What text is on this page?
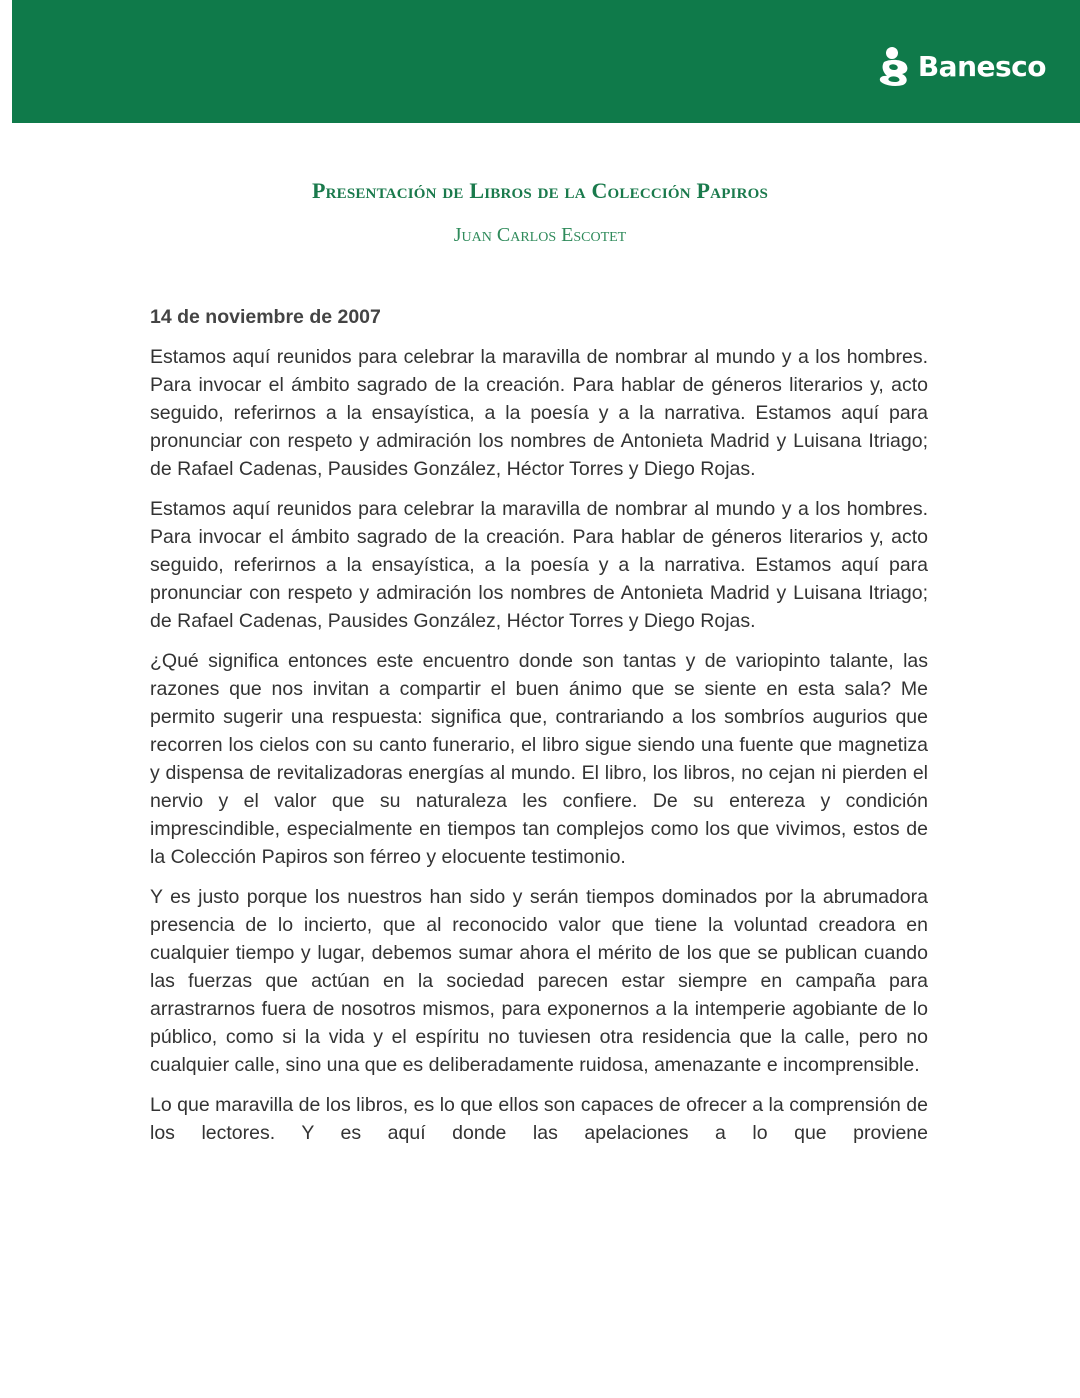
Banesco
Presentación de Libros de la Colección Papiros
Juan Carlos Escotet

14 de noviembre de 2007

Estamos aquí reunidos para celebrar la maravilla de nombrar al mundo y a los hombres. Para invocar el ámbito sagrado de la creación. Para hablar de géneros literarios y, acto seguido, referirnos a la ensayística, a la poesía y a la narrativa. Estamos aquí para pronunciar con respeto y admiración los nombres de Antonieta Madrid y Luisana Itriago; de Rafael Cadenas, Pausides González, Héctor Torres y Diego Rojas.

Estamos aquí reunidos para celebrar la maravilla de nombrar al mundo y a los hombres. Para invocar el ámbito sagrado de la creación. Para hablar de géneros literarios y, acto seguido, referirnos a la ensayística, a la poesía y a la narrativa. Estamos aquí para pronunciar con respeto y admiración los nombres de Antonieta Madrid y Luisana Itriago; de Rafael Cadenas, Pausides González, Héctor Torres y Diego Rojas.

¿Qué significa entonces este encuentro donde son tantas y de variopinto talante, las razones que nos invitan a compartir el buen ánimo que se siente en esta sala? Me permito sugerir una respuesta: significa que, contrariando a los sombríos augurios que recorren los cielos con su canto funerario, el libro sigue siendo una fuente que magnetiza y dispensa de revitalizadoras energías al mundo. El libro, los libros, no cejan ni pierden el nervio y el valor que su naturaleza les confiere. De su entereza y condición imprescindible, especialmente en tiempos tan complejos como los que vivimos, estos de la Colección Papiros son férreo y elocuente testimonio.

Y es justo porque los nuestros han sido y serán tiempos dominados por la abrumadora presencia de lo incierto, que al reconocido valor que tiene la voluntad creadora en cualquier tiempo y lugar, debemos sumar ahora el mérito de los que se publican cuando las fuerzas que actúan en la sociedad parecen estar siempre en campaña para arrastrarnos fuera de nosotros mismos, para exponernos a la intemperie agobiante de lo público, como si la vida y el espíritu no tuviesen otra residencia que la calle, pero no cualquier calle, sino una que es deliberadamente ruidosa, amenazante e incomprensible.

Lo que maravilla de los libros, es lo que ellos son capaces de ofrecer a la comprensión de los lectores. Y es aquí donde las apelaciones a lo que proviene
